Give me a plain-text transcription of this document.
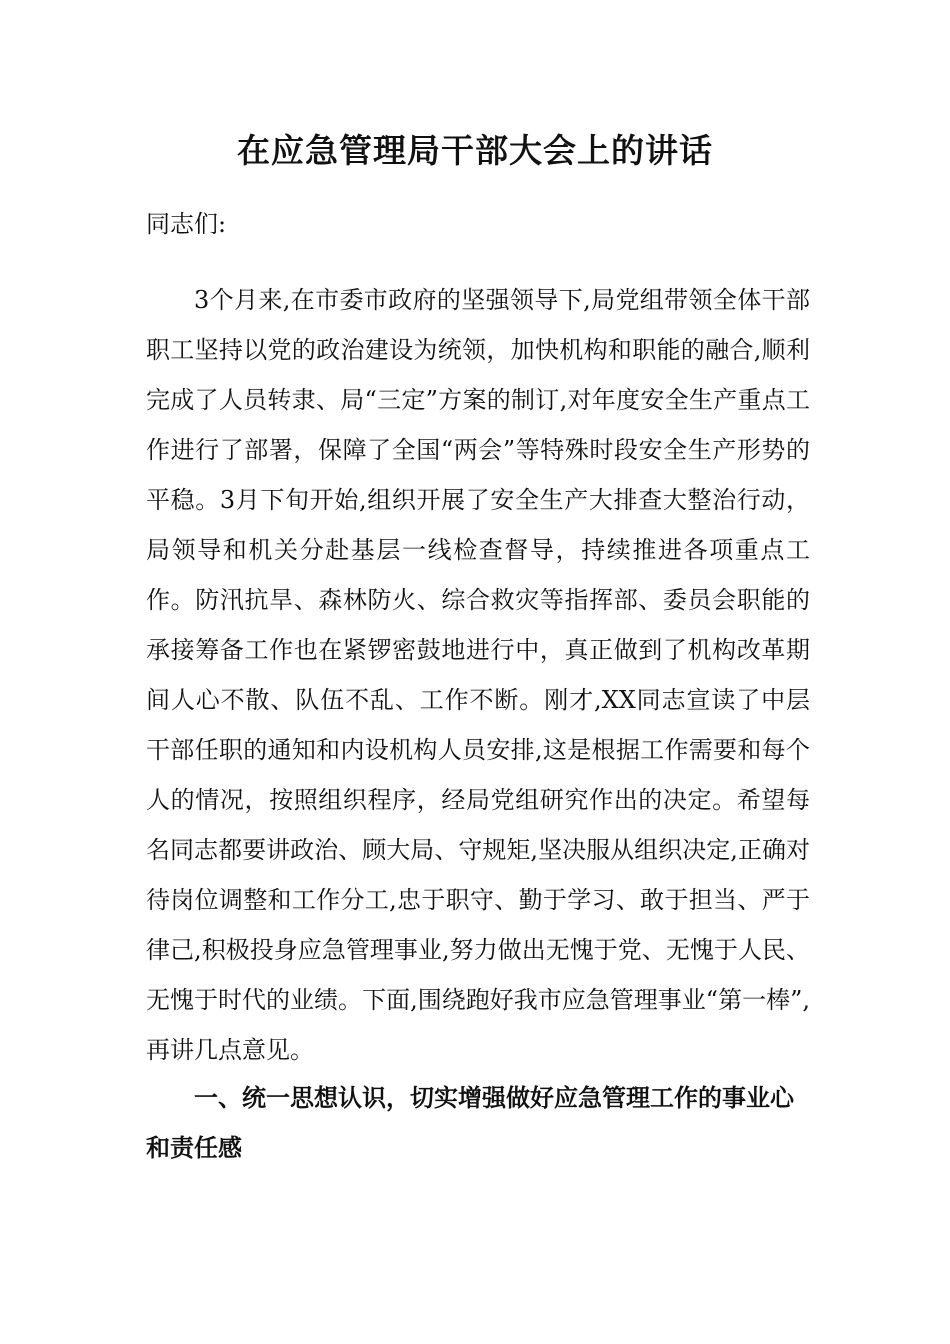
在应急管理局干部大会上的讲话

同志们:

3个月来,在市委市政府的坚强领导下,局党组带领全体干部职工坚持以党的政治建设为统领，加快机构和职能的融合,顺利完成了人员转隶、局“三定”方案的制订,对年度安全生产重点工作进行了部署，保障了全国“两会”等特殊时段安全生产形势的平稳。3月下旬开始,组织开展了安全生产大排查大整治行动，局领导和机关分赴基层一线检查督导，持续推进各项重点工作。防汛抗旱、森林防火、综合救灾等指挥部、委员会职能的承接筹备工作也在紧锣密鼓地进行中，真正做到了机构改革期间人心不散、队伍不乱、工作不断。刚才,XX同志宣读了中层干部任职的通知和内设机构人员安排,这是根据工作需要和每个人的情况，按照组织程序，经局党组研究作出的决定。希望每名同志都要讲政治、顾大局、守规矩,坚决服从组织决定,正确对待岗位调整和工作分工,忠于职守、勤于学习、敢于担当、严于律己,积极投身应急管理事业,努力做出无愧于党、无愧于人民、无愧于时代的业绩。下面,围绕跑好我市应急管理事业“第一棒”,再讲几点意见。

一、统一思想认识，切实增强做好应急管理工作的事业心和责任感
